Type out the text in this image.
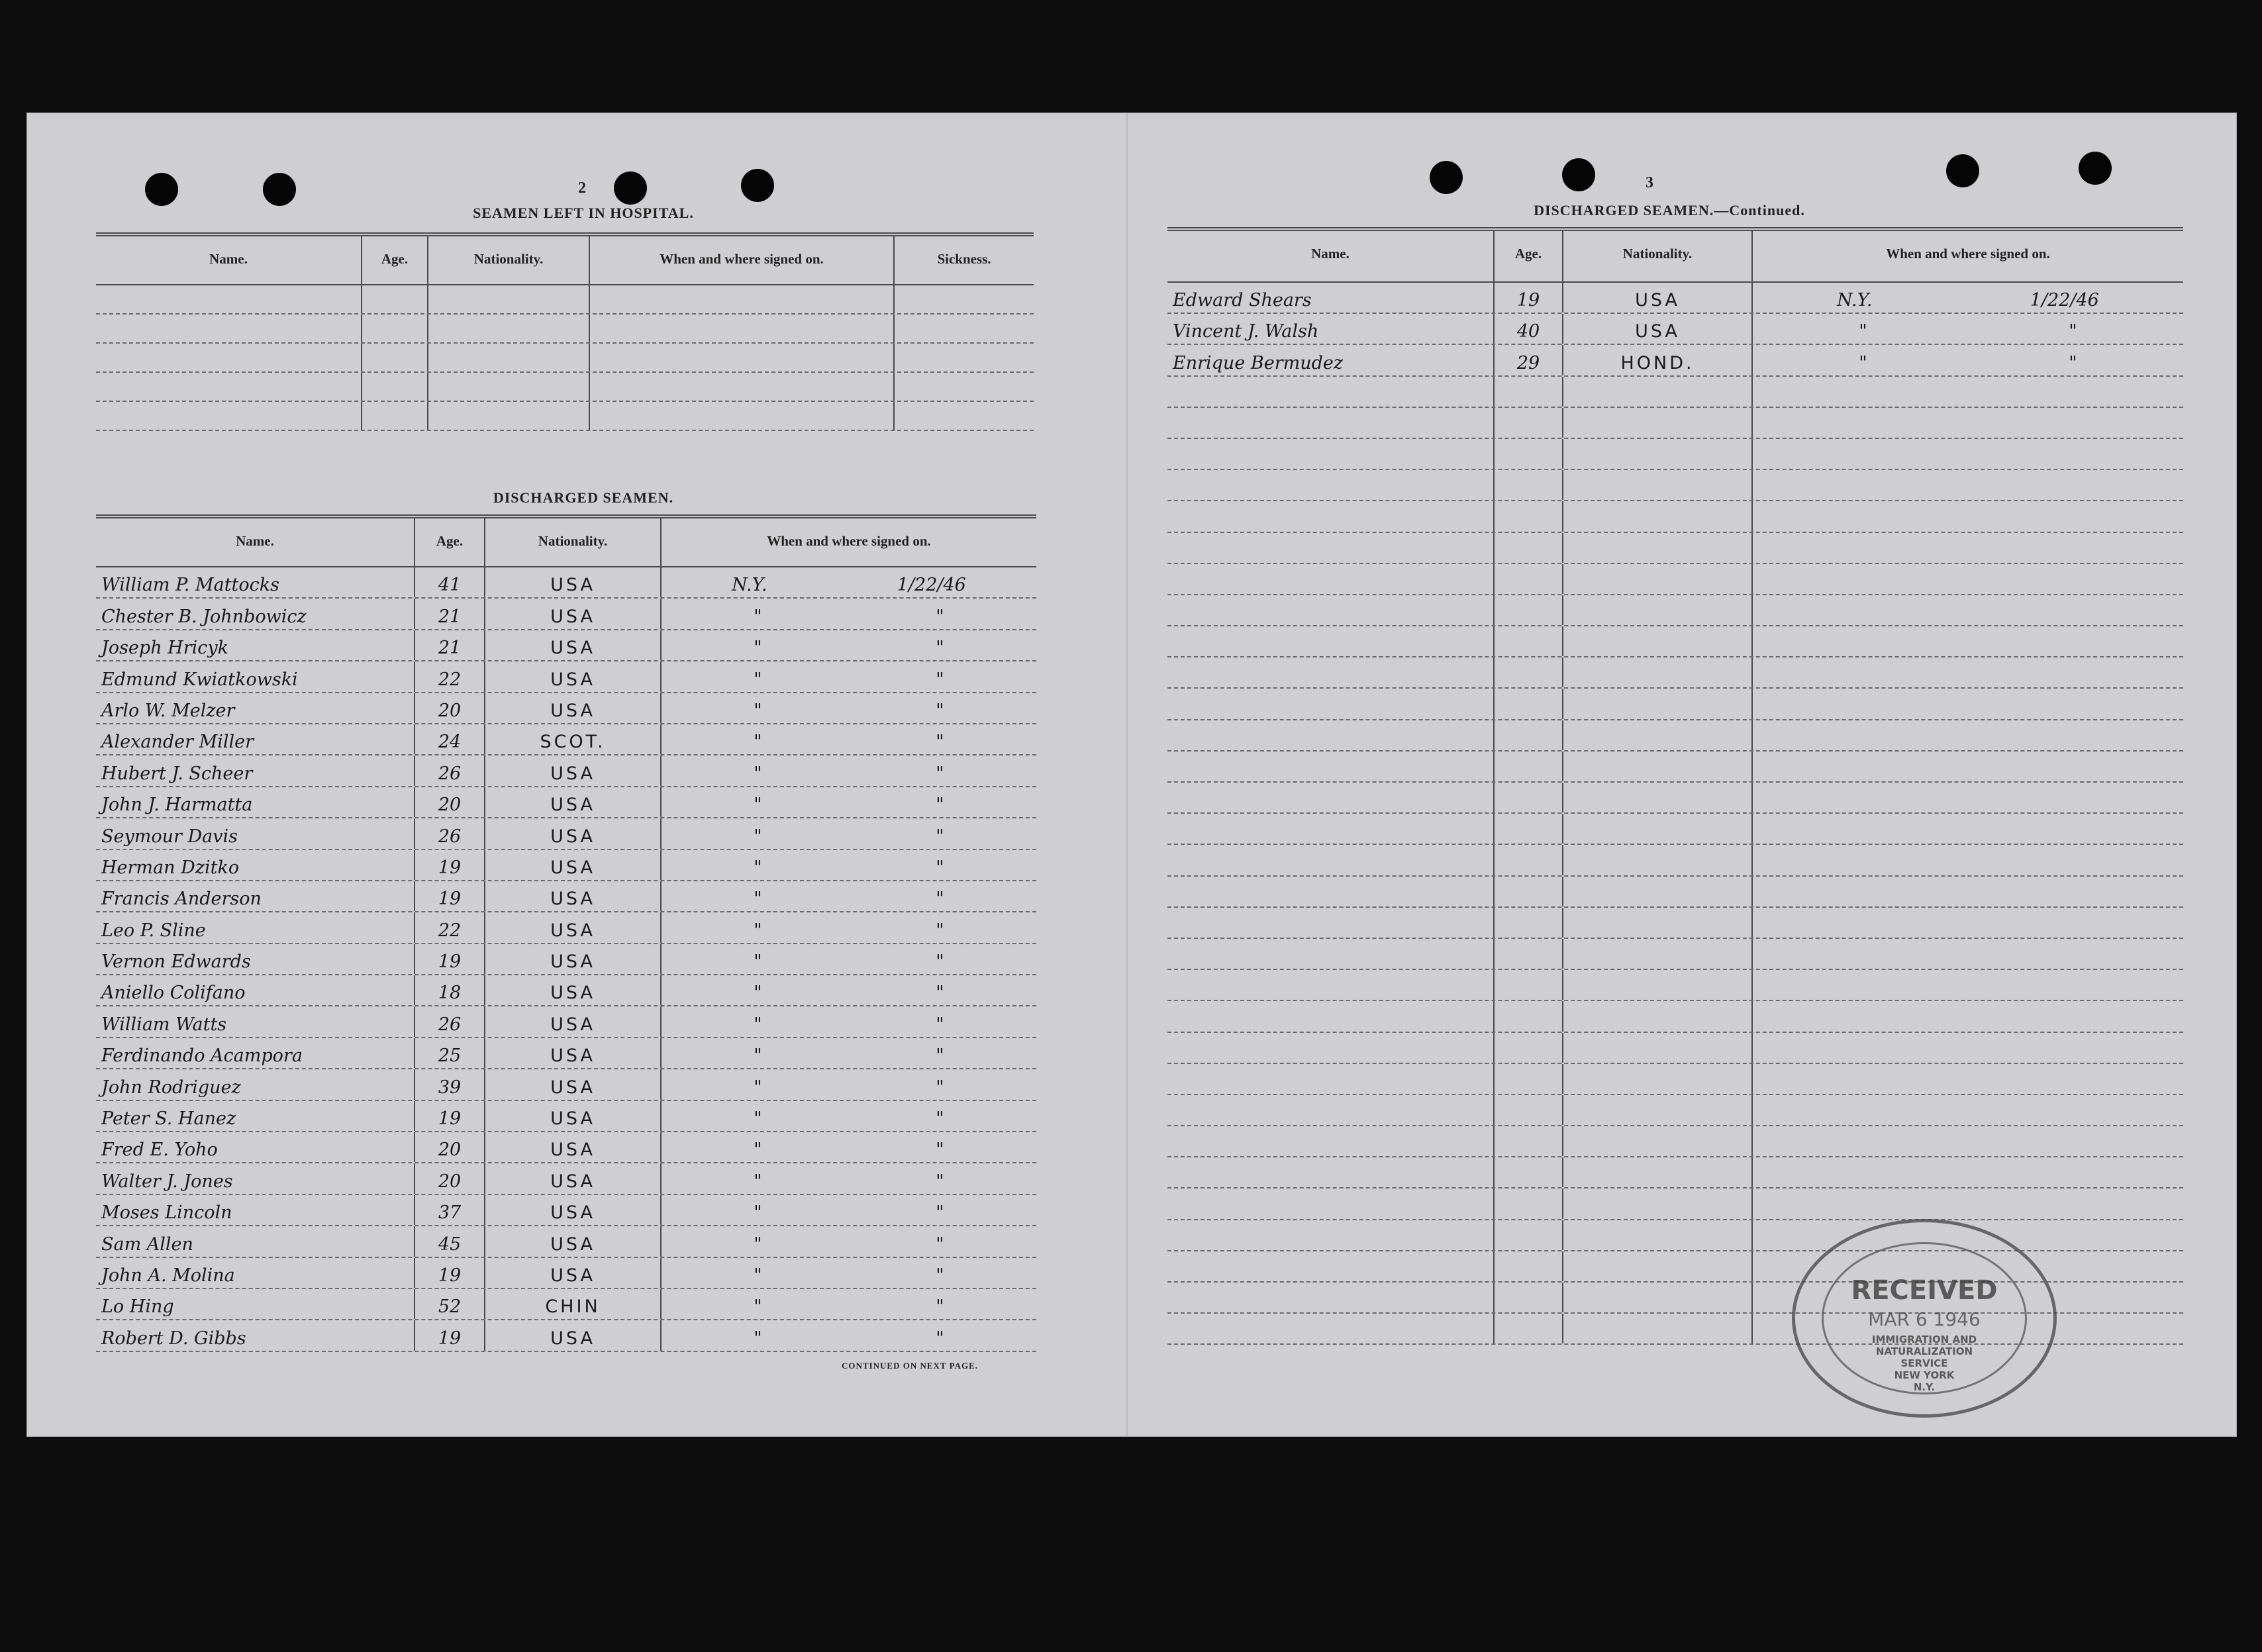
2
SEAMEN LEFT IN HOSPITAL.
Name.	Age.	Nationality.	When and where signed on.	Sickness.
DISCHARGED SEAMEN.
Name.	Age.	Nationality.	When and where signed on.
William P. Mattocks	41	USA	N.Y.	1/22/46
Chester B. Johnbowicz	21	USA	"	"
Joseph Hricyk	21	USA	"	"
Edmund Kwiatkowski	22	USA	"	"
Arlo W. Melzer	20	USA	"	"
Alexander Miller	24	SCOT.	"	"
Hubert J. Scheer	26	USA	"	"
John J. Harmatta	20	USA	"	"
Seymour Davis	26	USA	"	"
Herman Dzitko	19	USA	"	"
Francis Anderson	19	USA	"	"
Leo P. Sline	22	USA	"	"
Vernon Edwards	19	USA	"	"
Aniello Colifano	18	USA	"	"
William Watts	26	USA	"	"
Ferdinando Acampora	25	USA	"	"
John Rodriguez	39	USA	"	"
Peter S. Hanez	19	USA	"	"
Fred E. Yoho	20	USA	"	"
Walter J. Jones	20	USA	"	"
Moses Lincoln	37	USA	"	"
Sam Allen	45	USA	"	"
John A. Molina	19	USA	"	"
Lo Hing	52	CHIN	"	"
Robert D. Gibbs	19	USA	"	"
CONTINUED ON NEXT PAGE.
3
DISCHARGED SEAMEN.—Continued.
Name.	Age.	Nationality.	When and where signed on.
Edward Shears	19	USA	N.Y.	1/22/46
Vincent J. Walsh	40	USA	"	"
Enrique Bermudez	29	HOND.	"	"
RECEIVED
MAR 6 1946
IMMIGRATION AND
NATURALIZATION
SERVICE
NEW YORK
N.Y.
